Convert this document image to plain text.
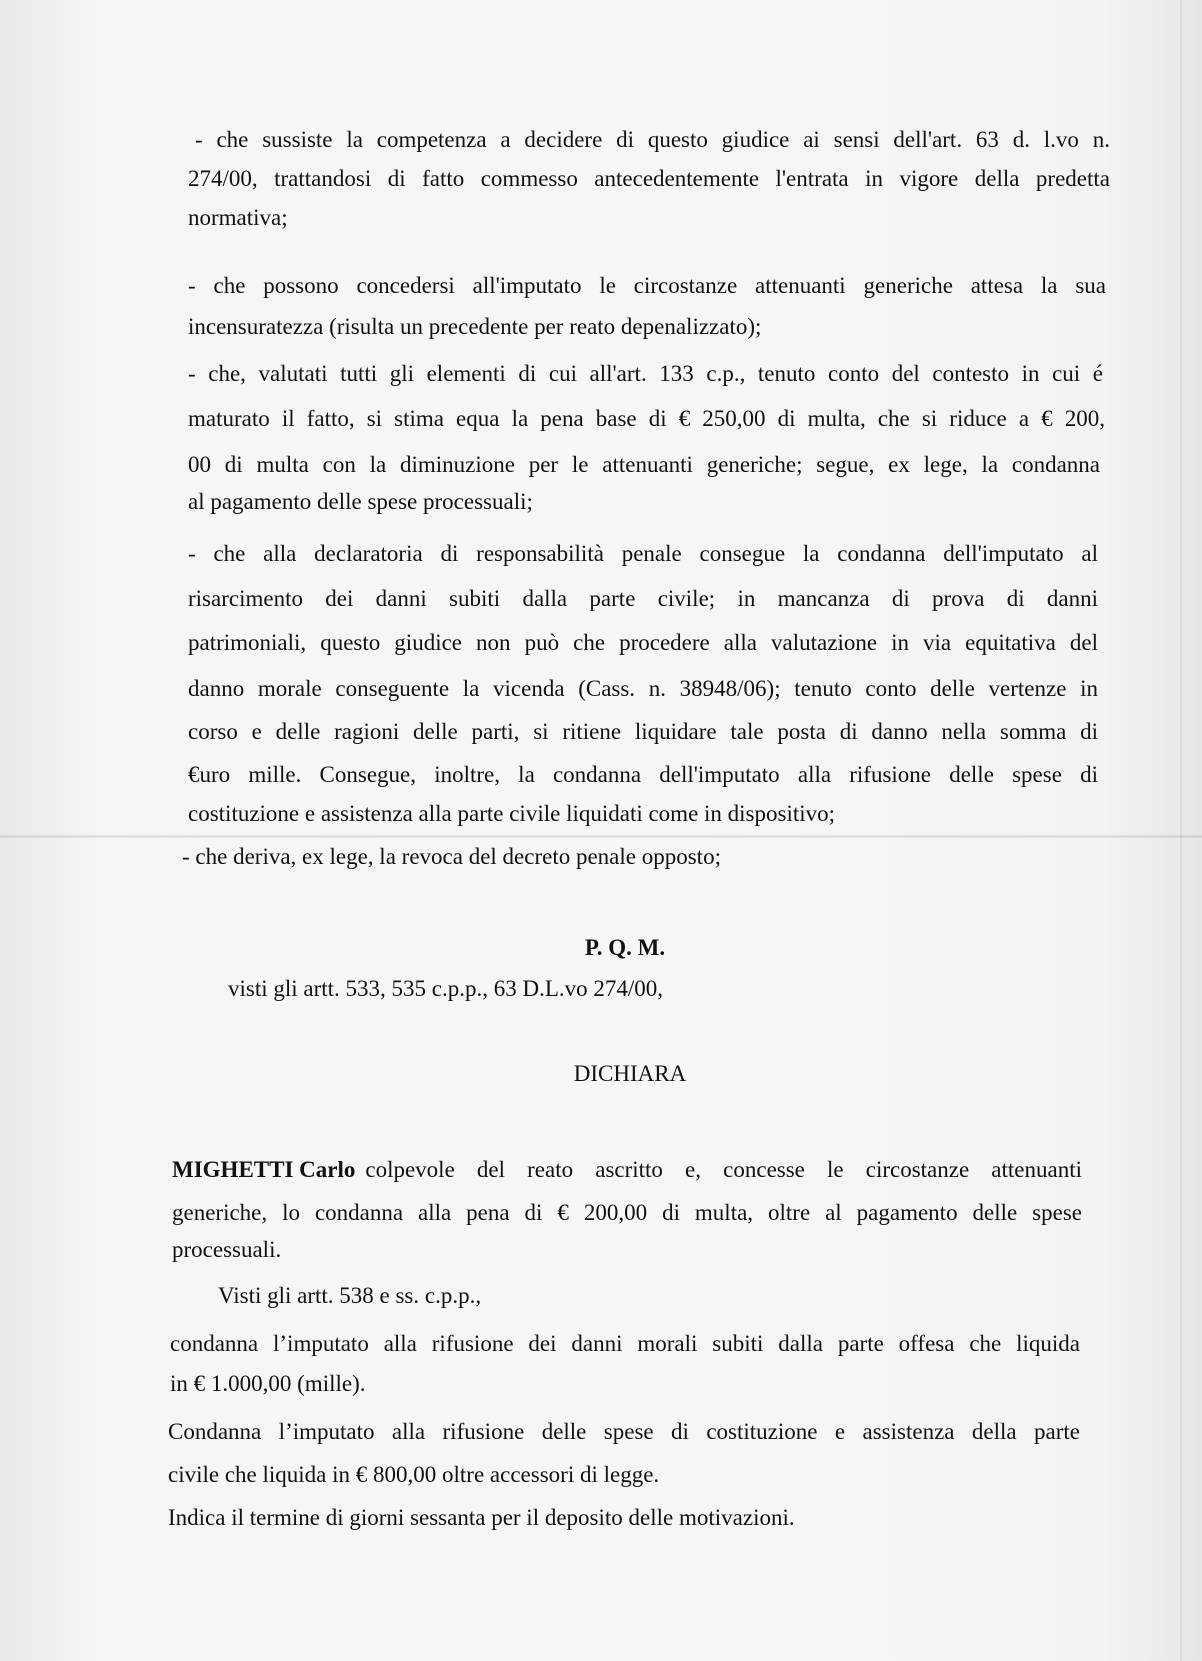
- che sussiste la competenza a decidere di questo giudice ai sensi dell'art. 63 d. l.vo n.
274/00, trattandosi di fatto commesso antecedentemente l'entrata in vigore della predetta
normativa;
- che possono concedersi all'imputato le circostanze attenuanti generiche attesa la sua
incensuratezza (risulta un precedente per reato depenalizzato);
- che, valutati tutti gli elementi di cui all'art. 133 c.p., tenuto conto del contesto in cui é
maturato il fatto, si stima equa la pena base di € 250,00 di multa, che si riduce a € 200,
00 di multa con la diminuzione per le attenuanti generiche; segue, ex lege, la condanna
al pagamento delle spese processuali;
- che alla declaratoria di responsabilità penale consegue la condanna dell'imputato al
risarcimento dei danni subiti dalla parte civile; in mancanza di prova di danni
patrimoniali, questo giudice non può che procedere alla valutazione in via equitativa del
danno morale conseguente la vicenda (Cass. n. 38948/06); tenuto conto delle vertenze in
corso e delle ragioni delle parti, si ritiene liquidare tale posta di danno nella somma di
€uro mille. Consegue, inoltre, la condanna dell'imputato alla rifusione delle spese di
costituzione e assistenza alla parte civile liquidati come in dispositivo;
- che deriva, ex lege, la revoca del decreto penale opposto;
P. Q. M.
visti gli artt. 533, 535 c.p.p., 63 D.L.vo 274/00,
DICHIARA
MIGHETTI Carlo colpevole del reato ascritto e, concesse le circostanze attenuanti
generiche, lo condanna alla pena di € 200,00 di multa, oltre al pagamento delle spese
processuali.
Visti gli artt. 538 e ss. c.p.p.,
condanna l’imputato alla rifusione dei danni morali subiti dalla parte offesa che liquida
in € 1.000,00 (mille).
Condanna l’imputato alla rifusione delle spese di costituzione e assistenza della parte
civile che liquida in € 800,00 oltre accessori di legge.
Indica il termine di giorni sessanta per il deposito delle motivazioni.
